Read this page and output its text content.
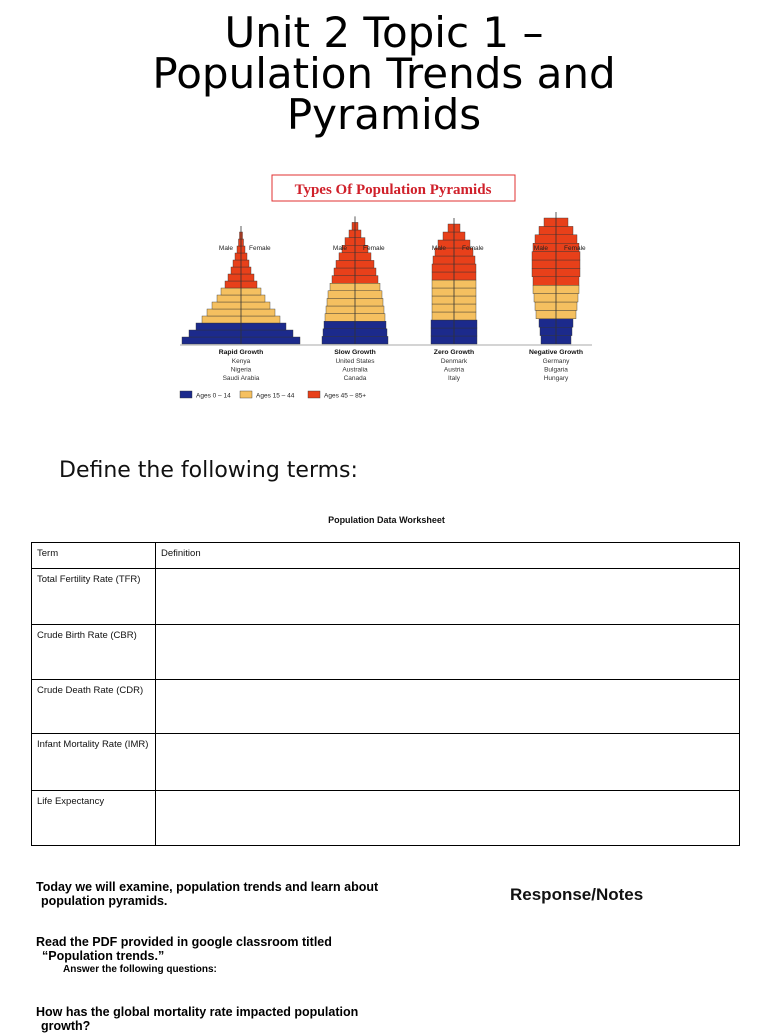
Unit 2 Topic 1 –
Population Trends and
Pyramids
Types Of Population Pyramids
Male Female
Rapid Growth
Kenya
Nigeria
Saudi Arabia
Male Female
Slow Growth
United States
Australia
Canada
Male Female
Zero Growth
Denmark
Austria
Italy
Male Female
Negative Growth
Germany
Bulgaria
Hungary
Ages 0 – 14	Ages 15 – 44	Ages 45 – 85+
Define the following terms:
Population Data Worksheet
Term	Definition
Total Fertility Rate (TFR)	
Crude Birth Rate (CBR)	
Crude Death Rate (CDR)	
Infant Mortality Rate (IMR)	
Life Expectancy	
Today we will examine, population trends and learn about
population pyramids.	Response/Notes
Read the PDF provided in google classroom titled
“Population trends.”
Answer the following questions:
How has the global mortality rate impacted population
growth?
